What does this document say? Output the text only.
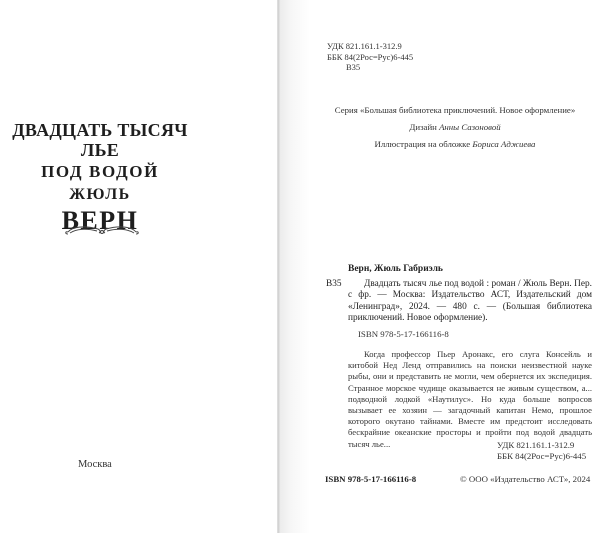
ДВАДЦАТЬ ТЫСЯЧ ЛЬЕ
ПОД ВОДОЙ
ЖЮЛЬ
ВЕРН
Москва
УДК 821.161.1-312.9
ББК 84(2Рос=Рус)6-445
В35
Серия «Большая библиотека приключений. Новое оформление»
Дизайн Анны Сазоновой
Иллюстрация на обложке Бориса Аджиева
Верн, Жюль Габриэль
В35	Двадцать тысяч лье под водой : роман / Жюль Верн. Пер. с фр. — Москва: Издательство АСТ, Издательский дом «Ленинград», 2024. — 480 с. — (Большая библиотека приключений. Новое оформление).
ISBN 978-5-17-166116-8
Когда профессор Пьер Аронакс, его слуга Консейль и китобой Нед Ленд отправились на поиски неизвестной науке рыбы, они и представить не могли, чем обернется их экспедиция. Странное морское чудище оказывается не живым существом, а... подводной лодкой «Наутилус». Но куда больше вопросов вызывает ее хозяин — загадочный капитан Немо, прошлое которого окутано тайнами. Вместе им предстоит исследовать бескрайние океанские просторы и пройти под водой двадцать тысяч лье...	УДК 821.161.1-312.9
ББК 84(2Рос=Рус)6-445
ISBN 978-5-17-166116-8	© ООО «Издательство АСТ», 2024
